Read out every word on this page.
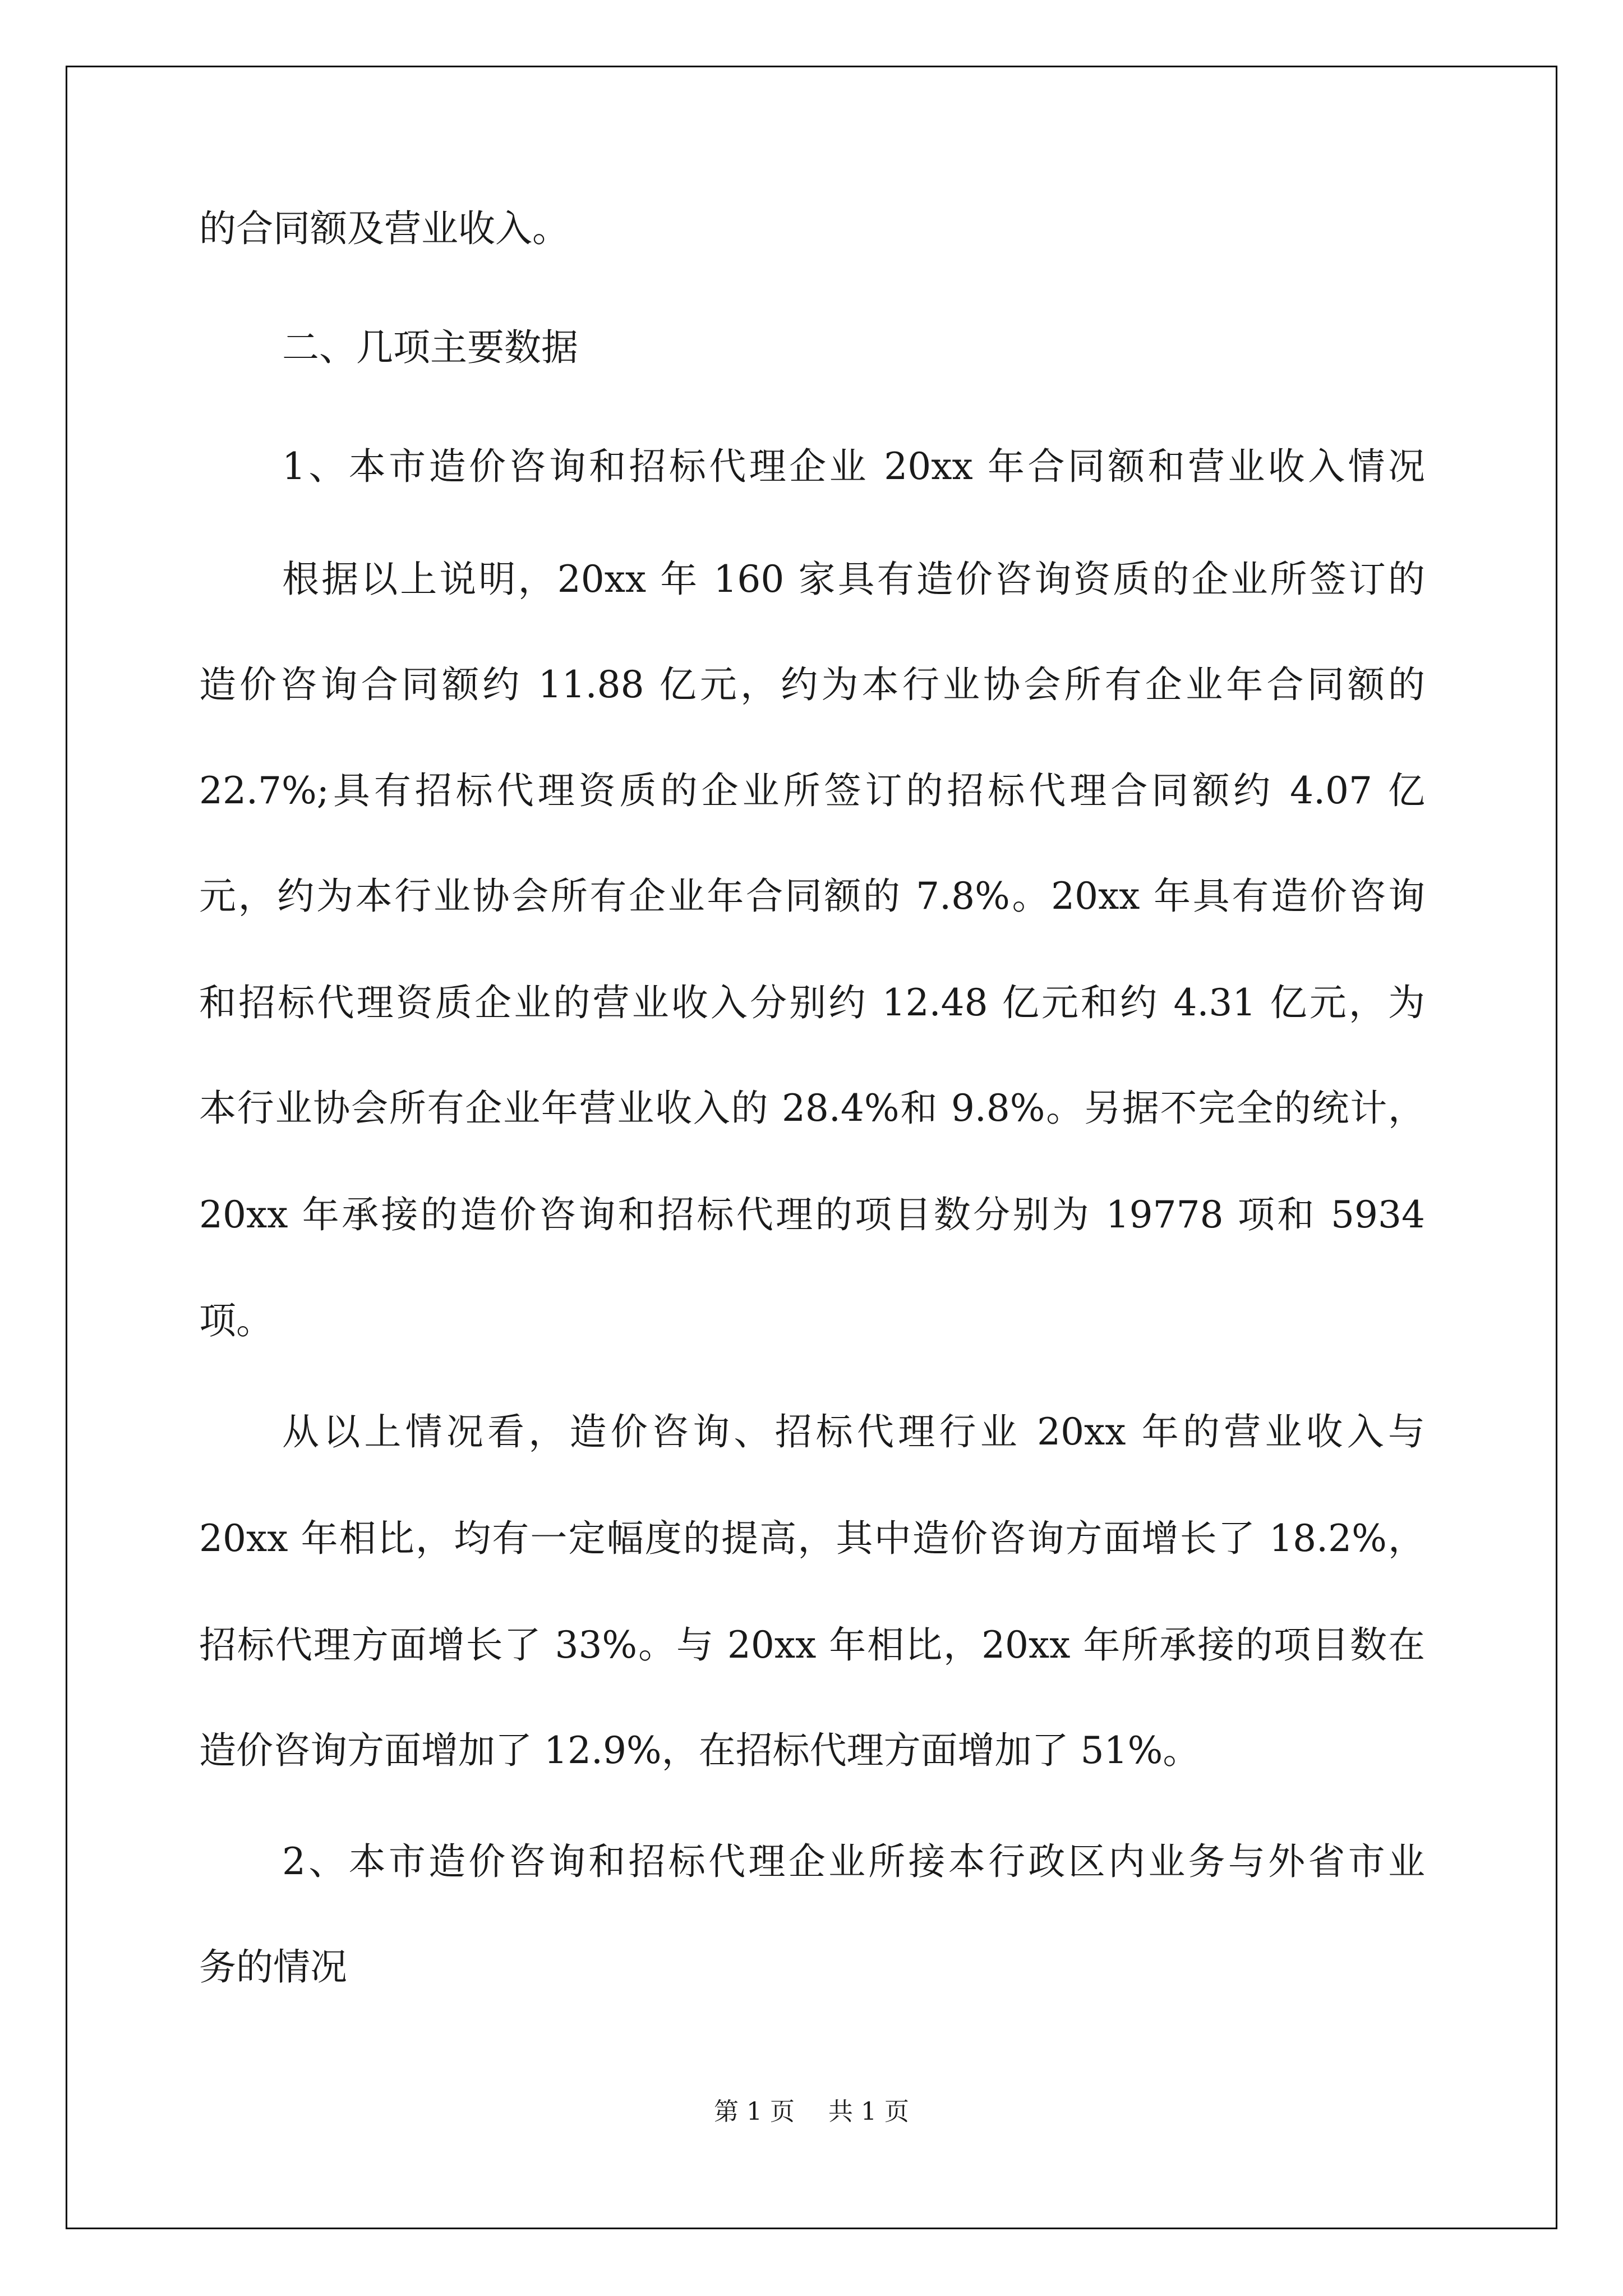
的合同额及营业收入。
二、几项主要数据
1、本市造价咨询和招标代理企业 20xx 年合同额和营业收入情况
根据以上说明，20xx 年 160 家具有造价咨询资质的企业所签订的
造价咨询合同额约 11.88 亿元，约为本行业协会所有企业年合同额的
22.7%;具有招标代理资质的企业所签订的招标代理合同额约 4.07 亿
元，约为本行业协会所有企业年合同额的 7.8%。20xx 年具有造价咨询
和招标代理资质企业的营业收入分别约 12.48 亿元和约 4.31 亿元，为
本行业协会所有企业年营业收入的 28.4%和 9.8%。另据不完全的统计，
20xx 年承接的造价咨询和招标代理的项目数分别为 19778 项和 5934
项。
从以上情况看，造价咨询、招标代理行业 20xx 年的营业收入与
20xx 年相比，均有一定幅度的提高，其中造价咨询方面增长了 18.2%，
招标代理方面增长了 33%。与 20xx 年相比，20xx 年所承接的项目数在
造价咨询方面增加了 12.9%，在招标代理方面增加了 51%。
2、本市造价咨询和招标代理企业所接本行政区内业务与外省市业
务的情况
第 1 页 共 1 页
